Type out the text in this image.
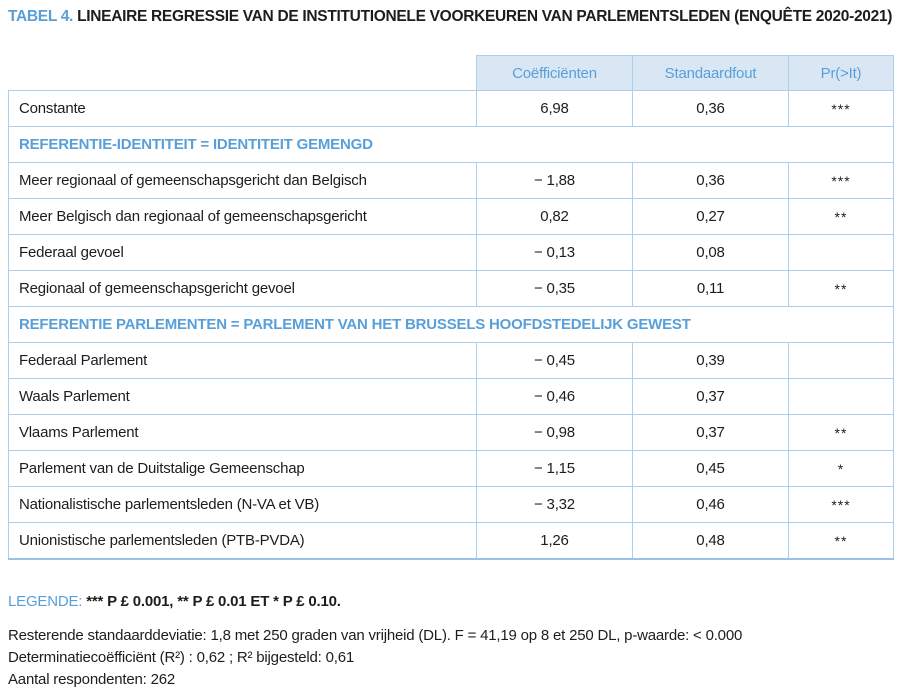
TABEL 4. LINEAIRE REGRESSIE VAN DE INSTITUTIONELE VOORKEUREN VAN PARLEMENTSLEDEN (ENQUÊTE 2020-2021)
	Coëfficiënten	Standaardfout	Pr(>It)
Constante	6,98	0,36	***
REFERENTIE-IDENTITEIT = IDENTITEIT GEMENGD			
Meer regionaal of gemeenschapsgericht dan Belgisch	− 1,88	0,36	***
Meer Belgisch dan regionaal of gemeenschapsgericht	0,82	0,27	**
Federaal gevoel	− 0,13	0,08	
Regionaal of gemeenschapsgericht gevoel	− 0,35	0,11	**
REFERENTIE PARLEMENTEN = PARLEMENT VAN HET BRUSSELS HOOFDSTEDELIJK GEWEST			
Federaal Parlement	− 0,45	0,39	
Waals Parlement	− 0,46	0,37	
Vlaams Parlement	− 0,98	0,37	**
Parlement van de Duitstalige Gemeenschap	− 1,15	0,45	*
Nationalistische parlementsleden (N-VA et VB)	− 3,32	0,46	***
Unionistische parlementsleden (PTB-PVDA)	1,26	0,48	**
LEGENDE: *** P £ 0.001, ** P £ 0.01 ET * P £ 0.10.
Resterende standaarddeviatie: 1,8 met 250 graden van vrijheid (DL). F = 41,19 op 8 et 250 DL, p-waarde: < 0.000
Determinatiecoëfficiënt (R²) : 0,62 ; R² bijgesteld: 0,61
Aantal respondenten: 262
